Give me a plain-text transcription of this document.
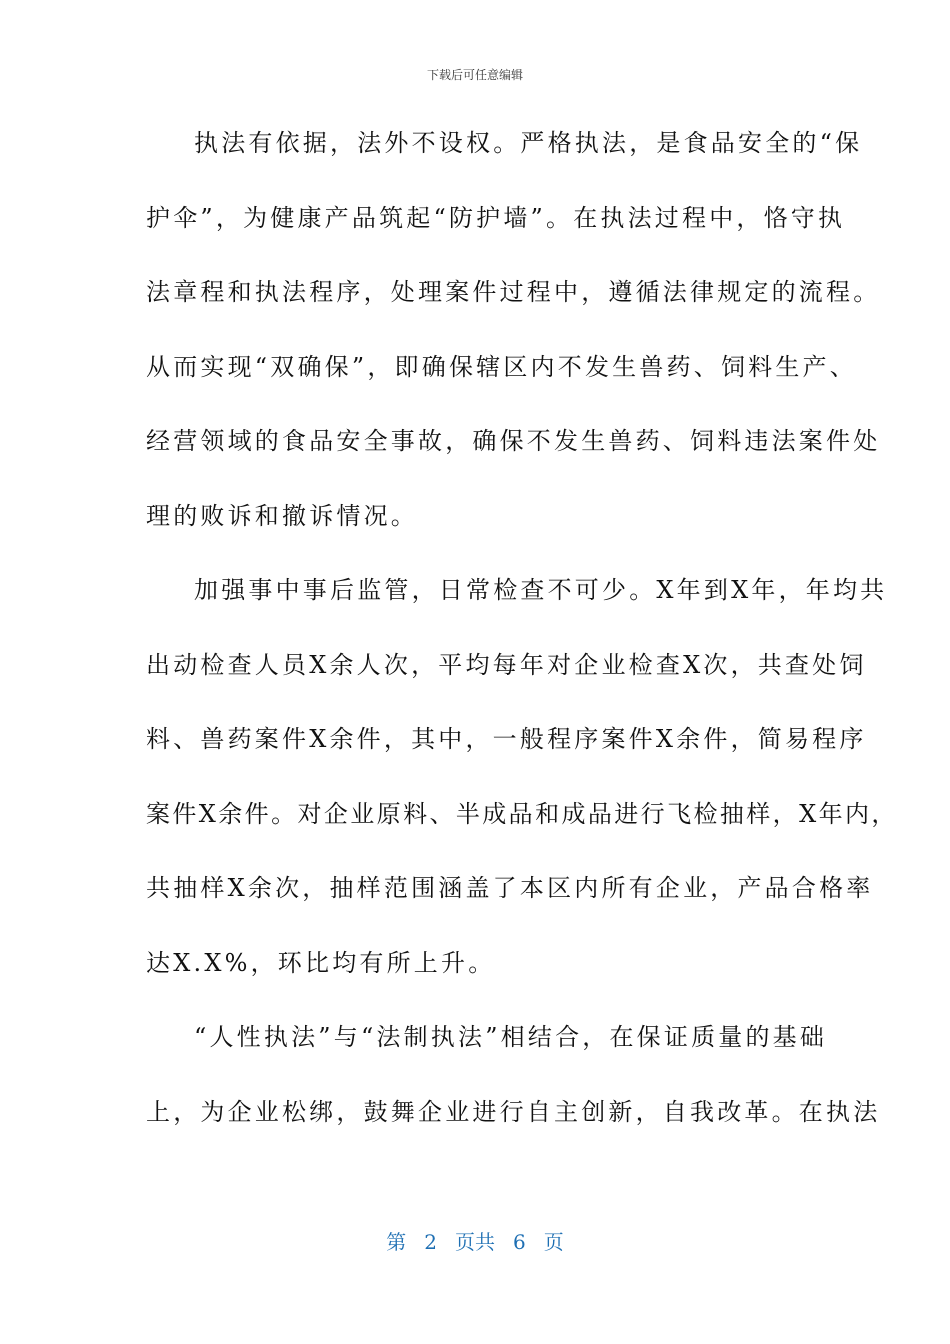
下载后可任意编辑
执法有依据，法外不设权。严格执法，是食品安全的“保
护伞”，为健康产品筑起“防护墙”。在执法过程中，恪守执
法章程和执法程序，处理案件过程中，遵循法律规定的流程。
从而实现“双确保”，即确保辖区内不发生兽药、饲料生产、
经营领域的食品安全事故，确保不发生兽药、饲料违法案件处
理的败诉和撤诉情况。
加强事中事后监管，日常检查不可少。X年到X年，年均共
出动检查人员X余人次，平均每年对企业检查X次，共查处饲
料、兽药案件X余件，其中，一般程序案件X余件，简易程序
案件X余件。对企业原料、半成品和成品进行飞检抽样，X年内，
共抽样X余次，抽样范围涵盖了本区内所有企业，产品合格率
达X.X%，环比均有所上升。
“人性执法”与“法制执法”相结合，在保证质量的基础
上，为企业松绑，鼓舞企业进行自主创新，自我改革。在执法
第 2 页共 6 页
